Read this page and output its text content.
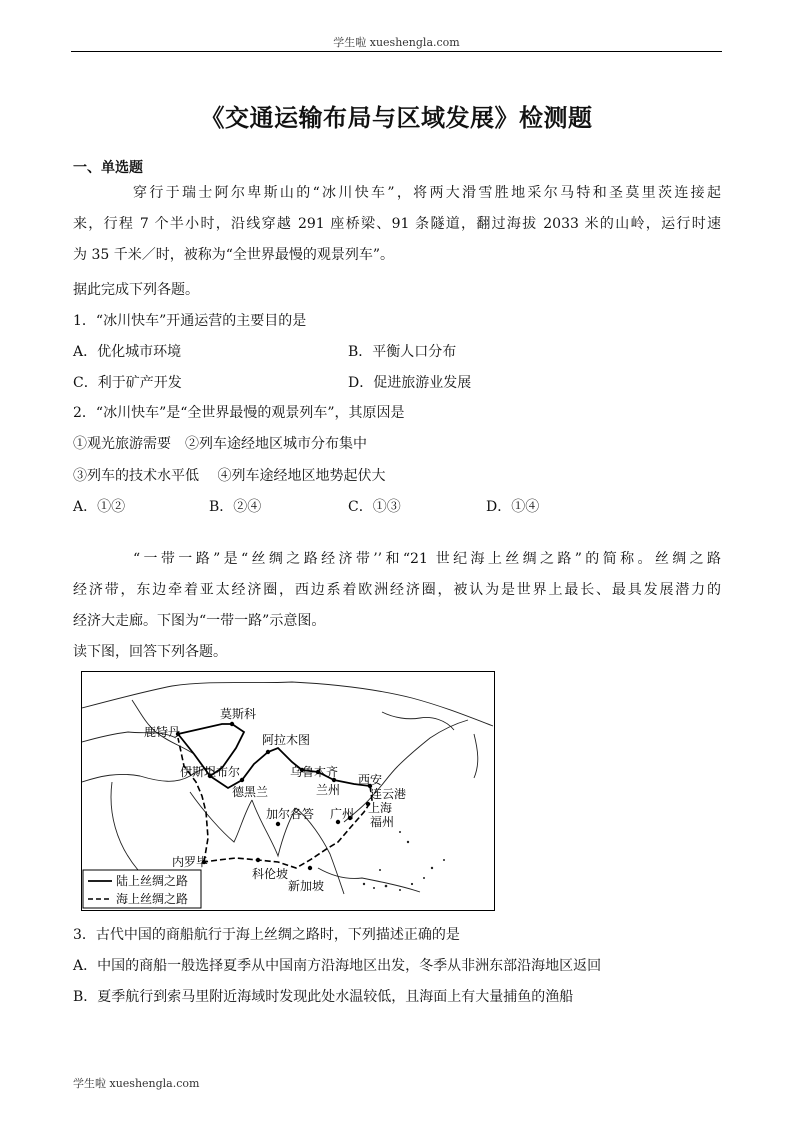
学生啦 xueshengla.com
《交通运输布局与区域发展》检测题
一、单选题
穿行于瑞士阿尔卑斯山的“冰川快车”，将两大滑雪胜地采尔马特和圣莫里茨连接起
来，行程 7 个半小时，沿线穿越 291 座桥梁、91 条隧道，翻过海拔 2033 米的山岭，运行时速
为 35 千米／时，被称为“全世界最慢的观景列车”。
据此完成下列各题。
1．“冰川快车”开通运营的主要目的是
A．优化城市环境	B．平衡人口分布
C．利于矿产开发	D．促进旅游业发展
2．“冰川快车”是“全世界最慢的观景列车”，其原因是
①观光旅游需要　②列车途经地区城市分布集中
③列车的技术水平低　 ④列车途经地区地势起伏大
A．①②	B．②④	C．①③	D．①④
“一带一路”是“丝绸之路经济带’’和“21 世纪海上丝绸之路”的简称。丝绸之路
经济带，东边牵着亚太经济圈，西边系着欧洲经济圈，被认为是世界上最长、最具发展潜力的
经济大走廊。下图为“一带一路”示意图。
读下图，回答下列各题。
莫斯科
鹿特丹
阿拉木图
伊斯坦布尔	乌鲁木齐
西安
连云港
德黑兰	兰州
上海
福州
加尔各答 广州
内罗毕
科伦坡
新加坡
陆上丝绸之路
海上丝绸之路
3．古代中国的商船航行于海上丝绸之路时，下列描述正确的是
A．中国的商船一般选择夏季从中国南方沿海地区出发，冬季从非洲东部沿海地区返回
B．夏季航行到索马里附近海域时发现此处水温较低，且海面上有大量捕鱼的渔船
学生啦 xueshengla.com
